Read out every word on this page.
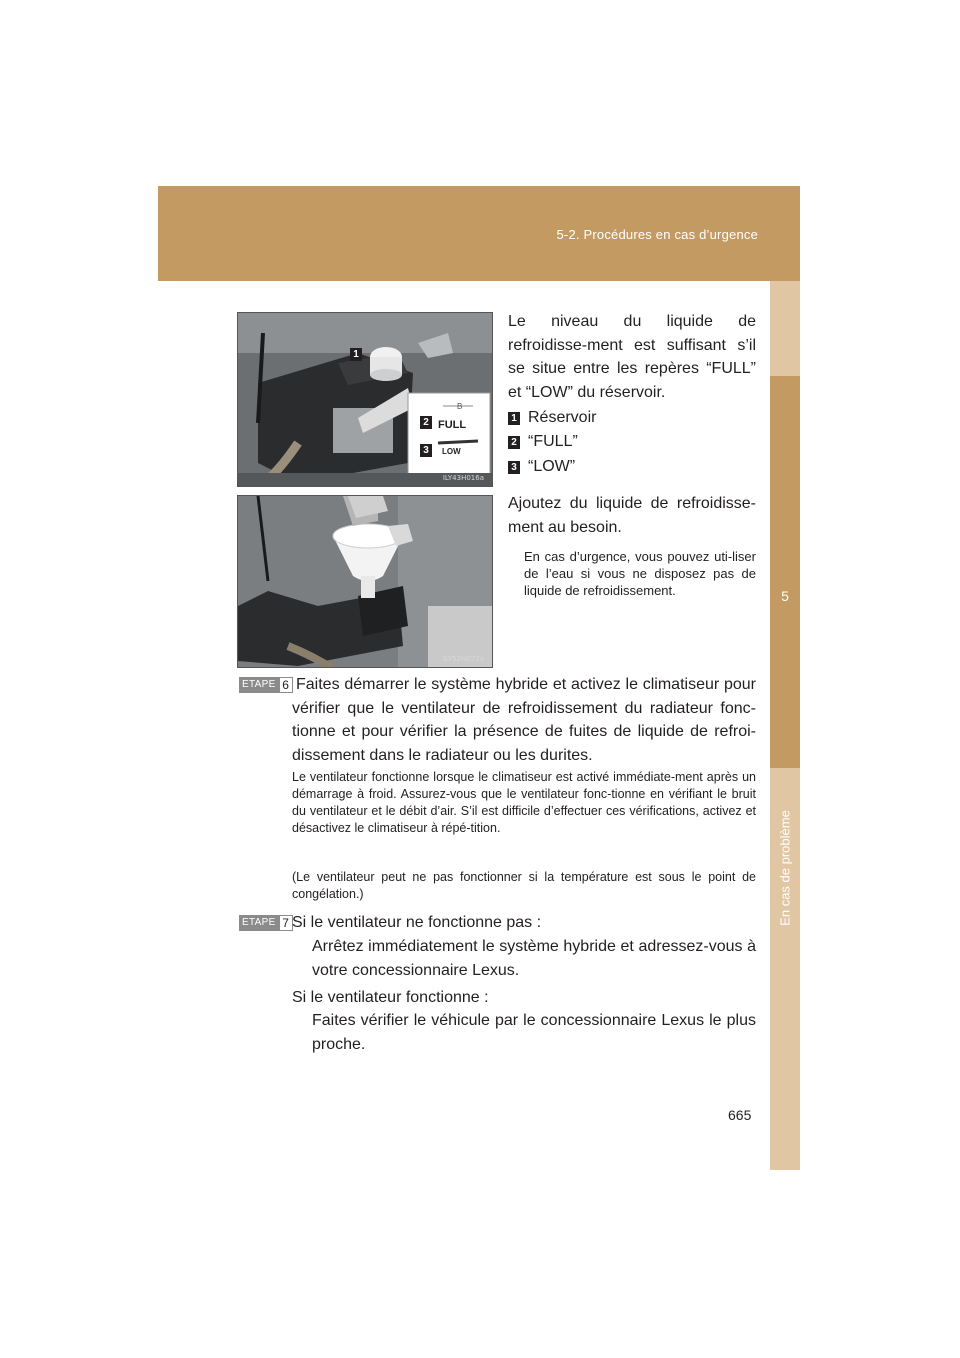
5-2. Procédures en cas d’urgence
5
En cas de problème
1
2
3
B
FULL
LOW
ILY43H016a
Le niveau du liquide de refroidisse-ment est suffisant s’il se situe entre les repères “FULL” et “LOW” du réservoir.
1 Réservoir
2 “FULL”
3 “LOW”
ILY52H072a
Ajoutez du liquide de refroidisse-ment au besoin.
En cas d’urgence, vous pouvez uti-liser de l’eau si vous ne disposez pas de liquide de refroidissement.
ETAPE 6 Faites démarrer le système hybride et activez le climatiseur pour vérifier que le ventilateur de refroidissement du radiateur fonc-tionne et pour vérifier la présence de fuites de liquide de refroi-dissement dans le radiateur ou les durites.
Le ventilateur fonctionne lorsque le climatiseur est activé immédiate-ment après un démarrage à froid. Assurez-vous que le ventilateur fonc-tionne en vérifiant le bruit du ventilateur et le débit d’air. S’il est difficile d’effectuer ces vérifications, activez et désactivez le climatiseur à répé-tition.
(Le ventilateur peut ne pas fonctionner si la température est sous le point de congélation.)
ETAPE 7 Si le ventilateur ne fonctionne pas :
Arrêtez immédiatement le système hybride et adressez-vous à votre concessionnaire Lexus.
Si le ventilateur fonctionne :
Faites vérifier le véhicule par le concessionnaire Lexus le plus proche.
665
